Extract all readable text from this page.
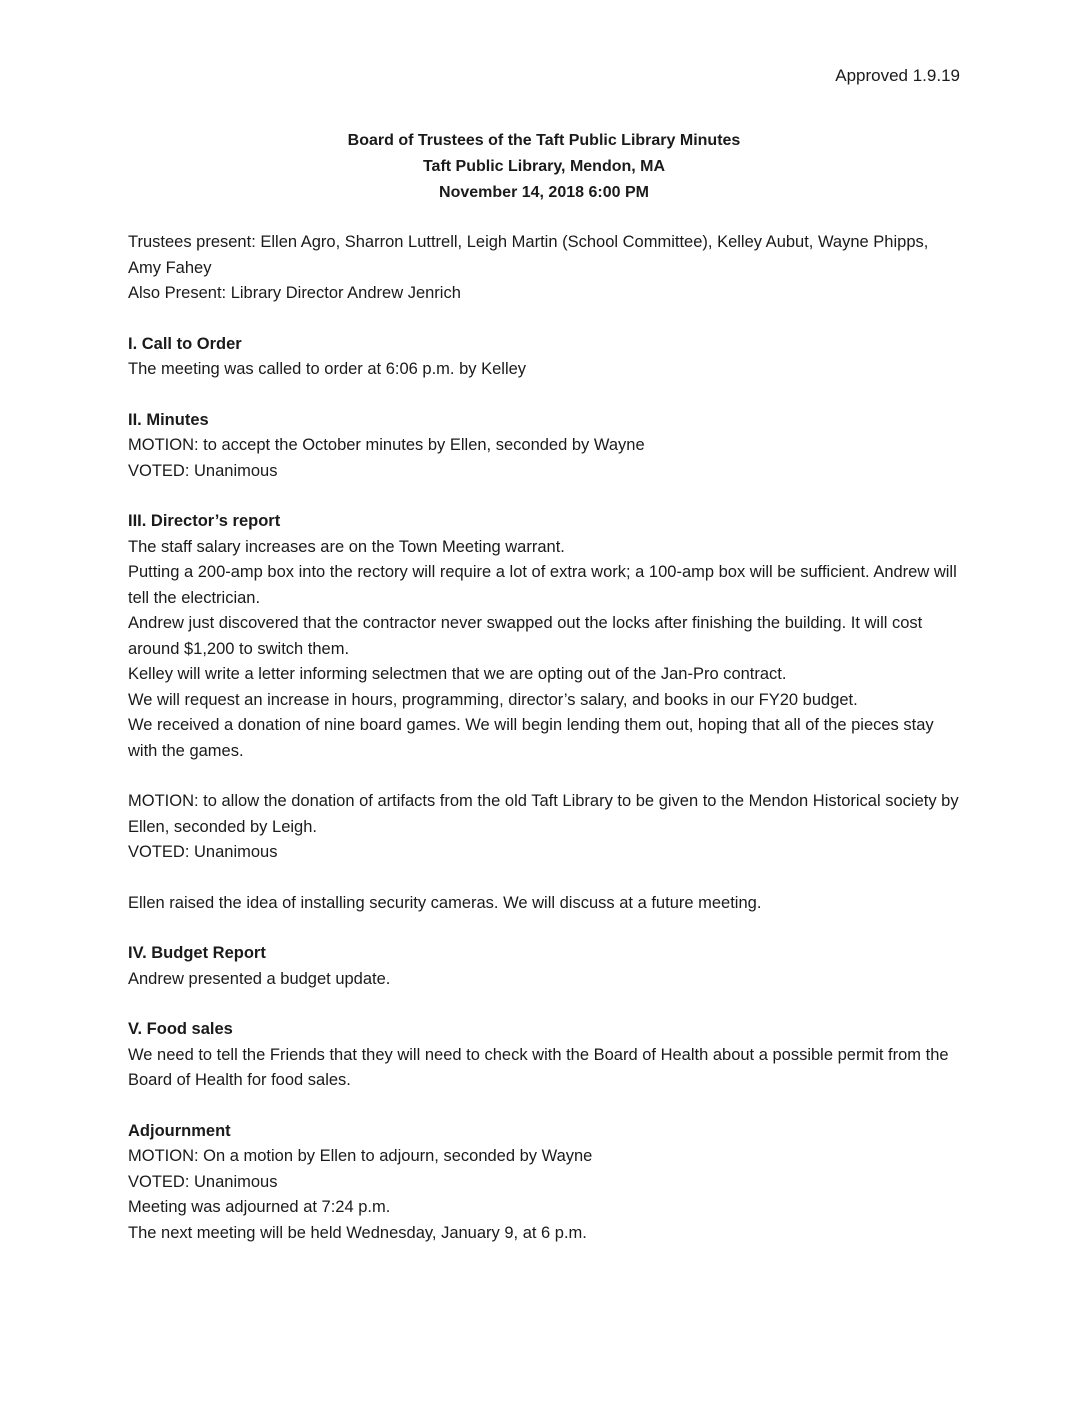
Approved 1.9.19
Board of Trustees of the Taft Public Library Minutes
Taft Public Library, Mendon, MA
November 14, 2018 6:00 PM

Trustees present: Ellen Agro, Sharron Luttrell, Leigh Martin (School Committee), Kelley Aubut, Wayne Phipps, Amy Fahey

Also Present: Library Director Andrew Jenrich

I. Call to Order

The meeting was called to order at 6:06 p.m. by Kelley

II. Minutes

MOTION: to accept the October minutes by Ellen, seconded by Wayne

VOTED: Unanimous

III. Director’s report

The staff salary increases are on the Town Meeting warrant.

Putting a 200-amp box into the rectory will require a lot of extra work; a 100-amp box will be sufficient. Andrew will tell the electrician.

Andrew just discovered that the contractor never swapped out the locks after finishing the building. It will cost around $1,200 to switch them.

Kelley will write a letter informing selectmen that we are opting out of the Jan-Pro contract.

We will request an increase in hours, programming, director’s salary, and books in our FY20 budget.

We received a donation of nine board games. We will begin lending them out, hoping that all of the pieces stay with the games.

MOTION: to allow the donation of artifacts from the old Taft Library to be given to the Mendon Historical society by Ellen, seconded by Leigh.

VOTED: Unanimous

Ellen raised the idea of installing security cameras. We will discuss at a future meeting.

IV. Budget Report

Andrew presented a budget update.

V. Food sales

We need to tell the Friends that they will need to check with the Board of Health about a possible permit from the Board of Health for food sales.

Adjournment

MOTION: On a motion by Ellen to adjourn, seconded by Wayne

VOTED: Unanimous

Meeting was adjourned at 7:24 p.m.

The next meeting will be held Wednesday, January 9, at 6 p.m.
